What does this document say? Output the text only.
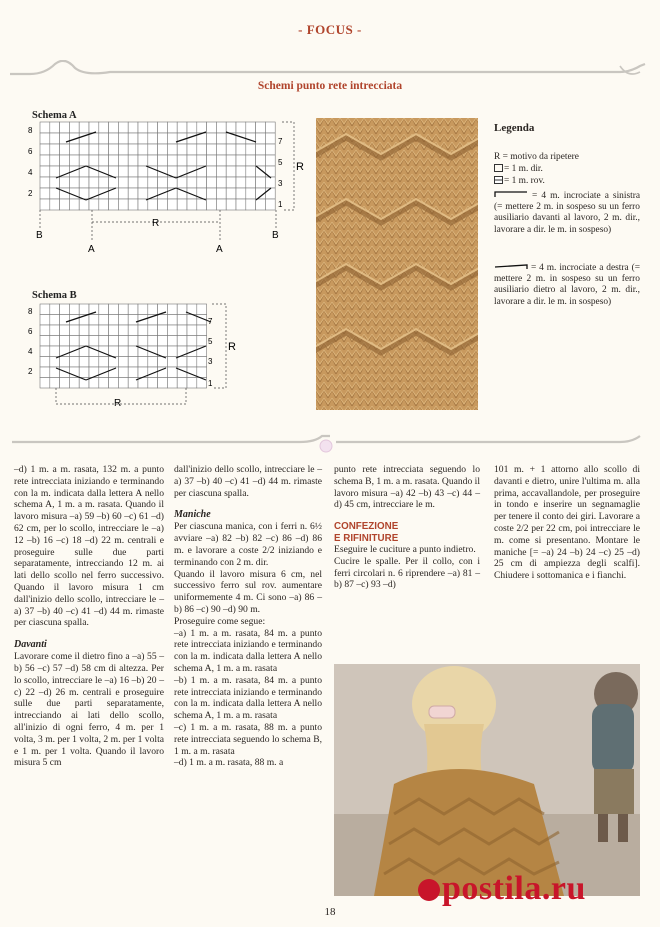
- FOCUS -
Schemi punto rete intrecciata
Schema A
8
6
4
2
7
5
3
1
R
B
A
R
A
B
Schema B
8
6
4
2
7
5
3
1
R
R
Legenda
R = motivo da ripetere
= 1 m. dir.
= 1 m. rov.
= 4 m. incrociate a sinistra (= mettere 2 m. in sospeso su un ferro ausiliario davanti al lavoro, 2 m. dir., lavorare a dir. le m. in sospeso)
= 4 m. incrociate a destra (= mettere 2 m. in sospeso su un ferro ausiliario dietro al lavoro, 2 m. dir., lavorare a dir. le m. in sospeso)

–d) 1 m. a m. rasata, 132 m. a punto rete intrecciata iniziando e terminando con la m. indicata dalla lettera A nello schema A, 1 m. a m. rasata. Quando il lavoro misura –a) 59 –b) 60 –c) 61 –d) 62 cm, per lo scollo, intrecciare le –a) 12 –b) 16 –c) 18 –d) 22 m. centrali e proseguire sulle due parti separatamente, intrecciando 12 m. ai lati dello scollo nel ferro successivo. Quando il lavoro misura 1 cm dall'inizio dello scollo, intrecciare le –a) 37 –b) 40 –c) 41 –d) 44 m. rimaste per ciascuna spalla.

Davanti

Lavorare come il dietro fino a –a) 55 –b) 56 –c) 57 –d) 58 cm di altezza. Per lo scollo, intrecciare le –a) 16 –b) 20 –c) 22 –d) 26 m. centrali e proseguire sulle due parti separatamente, intrecciando ai lati dello scollo, all'inizio di ogni ferro, 4 m. per 1 volta, 3 m. per 1 volta, 2 m. per 1 volta e 1 m. per 1 volta. Quando il lavoro misura 5 cm

dall'inizio dello scollo, intrecciare le –a) 37 –b) 40 –c) 41 –d) 44 m. rimaste per ciascuna spalla.

Maniche

Per ciascuna manica, con i ferri n. 6½ avviare –a) 82 –b) 82 –c) 86 –d) 86 m. e lavorare a coste 2/2 iniziando e terminando con 2 m. dir.

Quando il lavoro misura 6 cm, nel successivo ferro sul rov. aumentare uniformemente 4 m. Ci sono –a) 86 –b) 86 –c) 90 –d) 90 m.

Proseguire come segue:

–a) 1 m. a m. rasata, 84 m. a punto rete intrecciata iniziando e terminando con la m. indicata dalla lettera A nello schema A, 1 m. a m. rasata

–b) 1 m. a m. rasata, 84 m. a punto rete intrecciata iniziando e terminando con la m. indicata dalla lettera A nello schema A, 1 m. a m. rasata

–c) 1 m. a m. rasata, 88 m. a punto rete intrecciata seguendo lo schema B, 1 m. a m. rasata

–d) 1 m. a m. rasata, 88 m. a

punto rete intrecciata seguendo lo schema B, 1 m. a m. rasata. Quando il lavoro misura –a) 42 –b) 43 –c) 44 –d) 45 cm, intrecciare le m.

CONFEZIONE

E RIFINITURE

Eseguire le cuciture a punto indietro.

Cucire le spalle. Per il collo, con i ferri circolari n. 6 riprendere –a) 81 –b) 87 –c) 93 –d)

101 m. + 1 attorno allo scollo di davanti e dietro, unire l'ultima m. alla prima, accavallandole, per proseguire in tondo e inserire un segnamaglie per tenere il conto dei giri. Lavorare a coste 2/2 per 22 cm, poi intrecciare le m. come si presentano. Montare le maniche [= –a) 24 –b) 24 –c) 25 –d) 25 cm di ampiezza degli scalfi]. Chiudere i sottomanica e i fianchi.

postila.ru
18
